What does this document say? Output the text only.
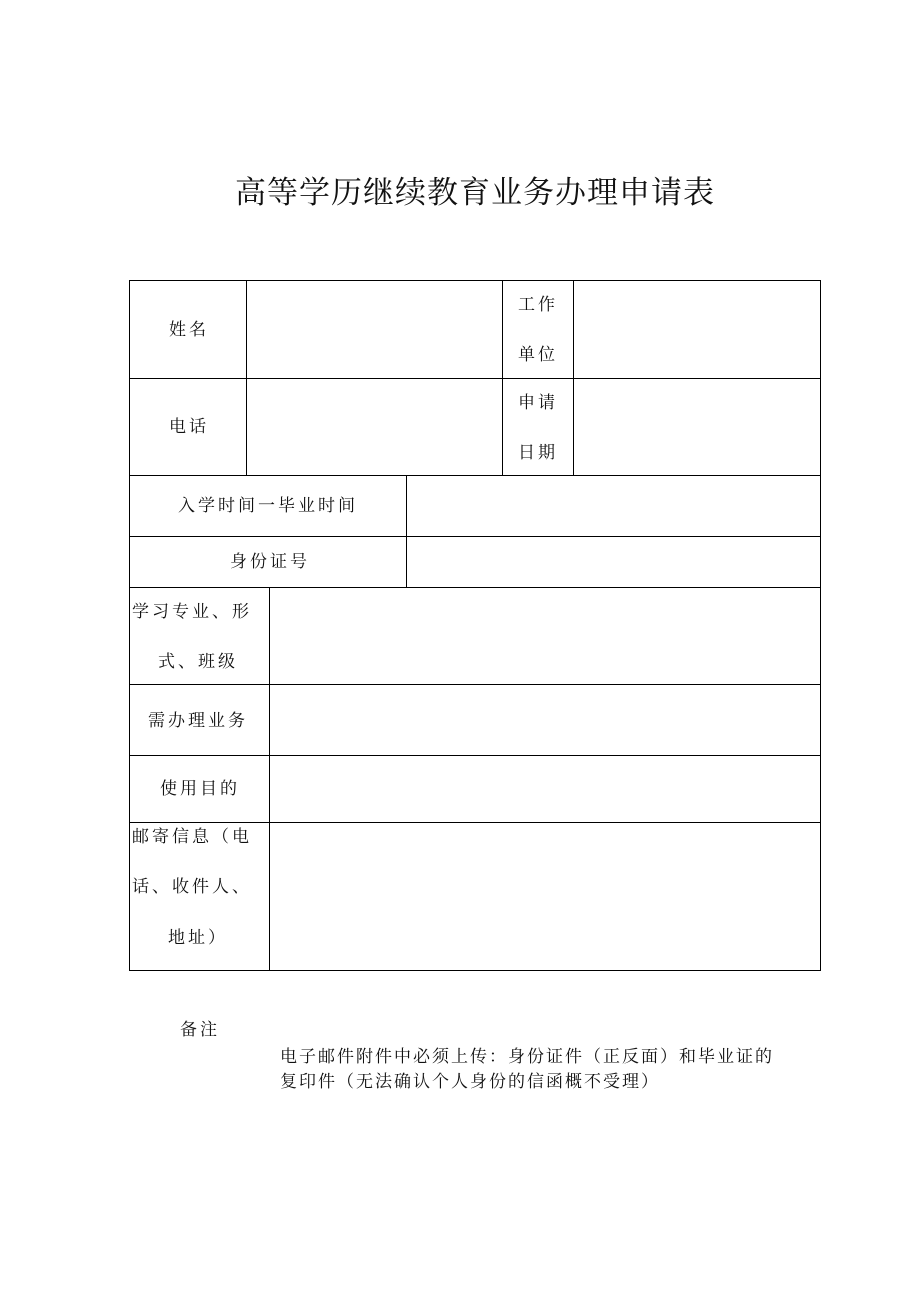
高等学历继续教育业务办理申请表
姓名
工作
单位
电话
申请
日期
入学时间一毕业时间
身份证号
学习专业、形
式、班级
需办理业务
使用目的
邮寄信息（电
话、收件人、
地址）
备注
电子邮件附件中必须上传：身份证件（正反面）和毕业证的复印件（无法确认个人身份的信函概不受理）
